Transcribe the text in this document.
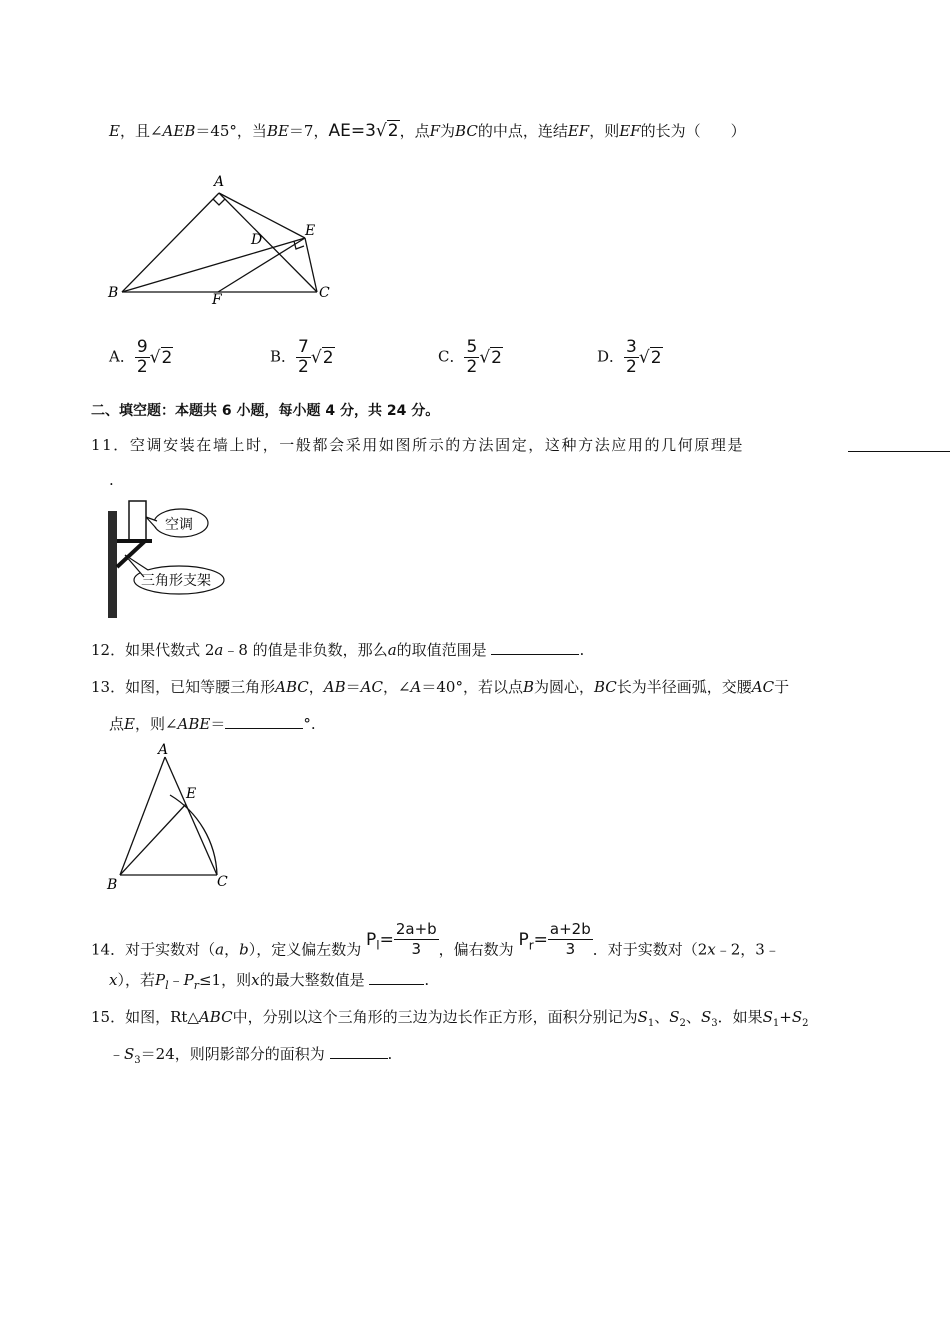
E，且∠AEB＝45°，当BE＝7，AE=3√2，点F为BC的中点，连结EF，则EF的长为（　　）
A
B	C
D
E
F
A． $\frac{9}{2} √2$	B． $\frac{7}{2} √2$	C． $\frac{5}{2} √2$	D． $\frac{3}{2} √2$
二、填空题：本题共 6 小题，每小题 4 分，共 24 分。
11．空调安装在墙上时，一般都会采用如图所示的方法固定，这种方法应用的几何原理是
.
空调
三角形支架
12．如果代数式 2a﹣8 的值是非负数，那么a的取值范围是	.
13．如图，已知等腰三角形ABC，AB＝AC，∠A＝40°，若以点B为圆心，BC长为半径画弧，交腰AC于
点E，则∠ABE＝	°.
A
B	C
E
14．对于实数对（a，b），定义偏左数为 $P_l= \frac{2a+b}{3}$ ，偏右数为 $P_r= \frac{a+2b}{3}$ ．对于实数对（2x﹣2，3﹣
x），若$P_l﹣P_r\le 1$，则x的最大整数值是	.
15．如图，Rt△ABC中，分别以这个三角形的三边为边长作正方形，面积分别记为$S_1$、$S_2$、$S_3$．如果$S_1+S_2$
$﹣S_3=24$，则阴影部分的面积为	.
